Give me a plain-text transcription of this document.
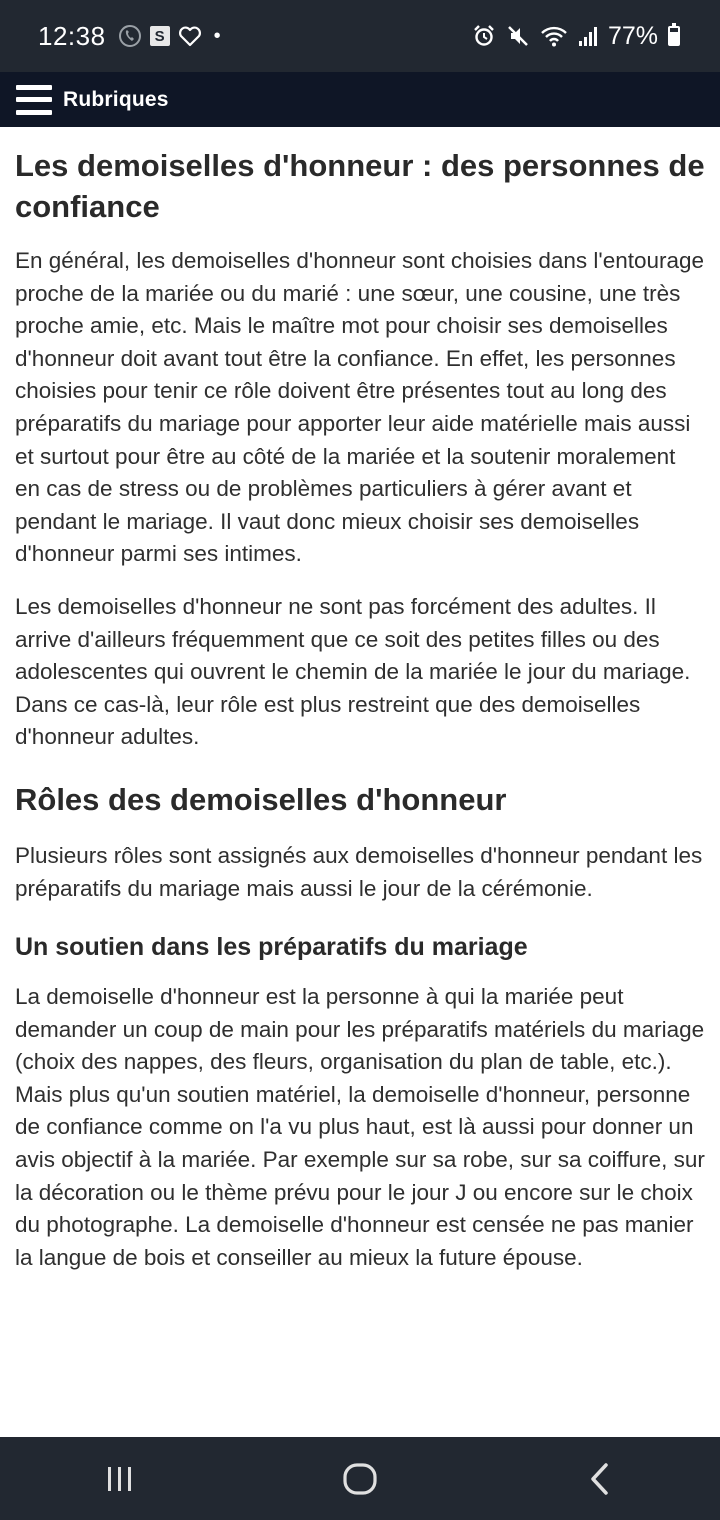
12:38	S •	77%
Rubriques
Les demoiselles d'honneur : des personnes de confiance

En général, les demoiselles d'honneur sont choisies dans l'entourage proche de la mariée ou du marié : une sœur, une cousine, une très proche amie, etc. Mais le maître mot pour choisir ses demoiselles d'honneur doit avant tout être la confiance. En effet, les personnes choisies pour tenir ce rôle doivent être présentes tout au long des préparatifs du mariage pour apporter leur aide matérielle mais aussi et surtout pour être au côté de la mariée et la soutenir moralement en cas de stress ou de problèmes particuliers à gérer avant et pendant le mariage. Il vaut donc mieux choisir ses demoiselles d'honneur parmi ses intimes.

Les demoiselles d'honneur ne sont pas forcément des adultes. Il arrive d'ailleurs fréquemment que ce soit des petites filles ou des adolescentes qui ouvrent le chemin de la mariée le jour du mariage. Dans ce cas-là, leur rôle est plus restreint que des demoiselles d'honneur adultes.

Rôles des demoiselles d'honneur

Plusieurs rôles sont assignés aux demoiselles d'honneur pendant les préparatifs du mariage mais aussi le jour de la cérémonie.

Un soutien dans les préparatifs du mariage

La demoiselle d'honneur est la personne à qui la mariée peut demander un coup de main pour les préparatifs matériels du mariage (choix des nappes, des fleurs, organisation du plan de table, etc.). Mais plus qu'un soutien matériel, la demoiselle d'honneur, personne de confiance comme on l'a vu plus haut, est là aussi pour donner un avis objectif à la mariée. Par exemple sur sa robe, sur sa coiffure, sur la décoration ou le thème prévu pour le jour J ou encore sur le choix du photographe. La demoiselle d'honneur est censée ne pas manier la langue de bois et conseiller au mieux la future épouse.
